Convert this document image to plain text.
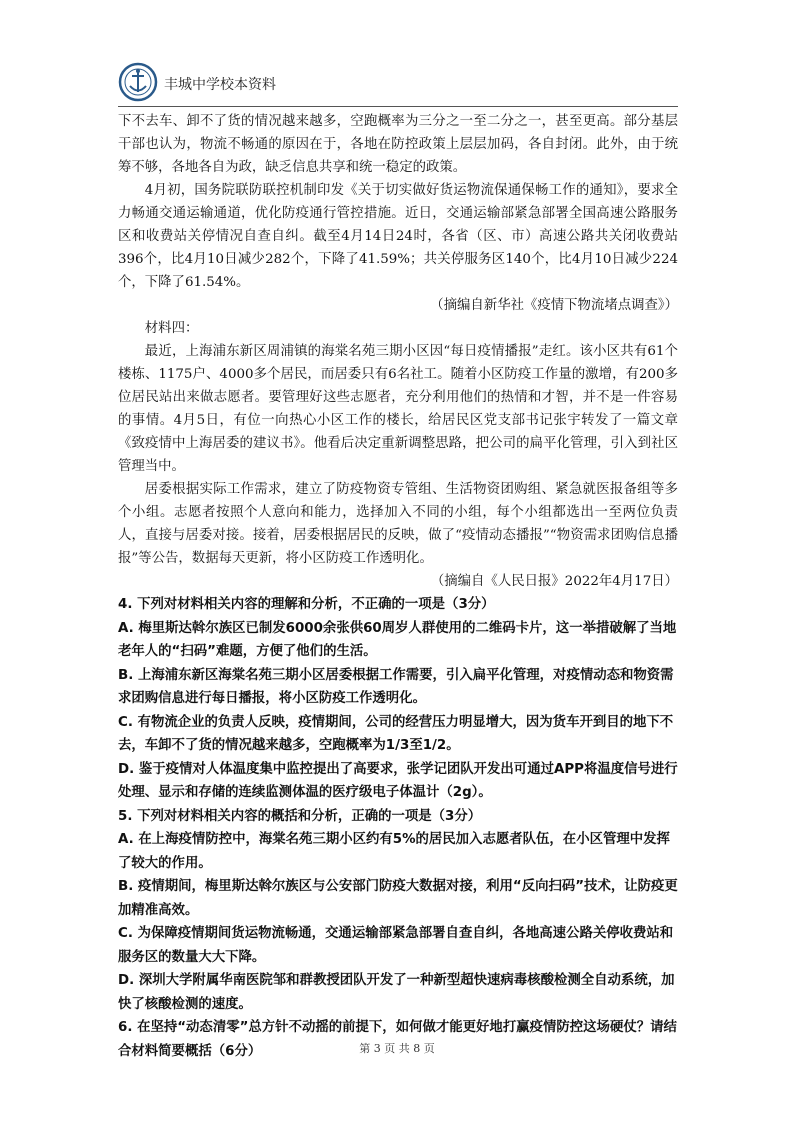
丰城中学校本资料

下不去车、卸不了货的情况越来越多，空跑概率为三分之一至二分之一，甚至更高。部分基层干部也认为，物流不畅通的原因在于，各地在防控政策上层层加码，各自封闭。此外，由于统筹不够，各地各自为政，缺乏信息共享和统一稳定的政策。

4月初，国务院联防联控机制印发《关于切实做好货运物流保通保畅工作的通知》，要求全力畅通交通运输通道，优化防疫通行管控措施。近日，交通运输部紧急部署全国高速公路服务区和收费站关停情况自查自纠。截至4月14日24时，各省（区、市）高速公路共关闭收费站396个，比4月10日减少282个，下降了41.59%；共关停服务区140个，比4月10日减少224个，下降了61.54%。

（摘编自新华社《疫情下物流堵点调查》）

材料四：

最近，上海浦东新区周浦镇的海棠名苑三期小区因“每日疫情播报”走红。该小区共有61个楼栋、1175户、4000多个居民，而居委只有6名社工。随着小区防疫工作量的激增，有200多位居民站出来做志愿者。要管理好这些志愿者，充分利用他们的热情和才智，并不是一件容易的事情。4月5日，有位一向热心小区工作的楼长，给居民区党支部书记张宇转发了一篇文章《致疫情中上海居委的建议书》。他看后决定重新调整思路，把公司的扁平化管理，引入到社区管理当中。

居委根据实际工作需求，建立了防疫物资专管组、生活物资团购组、紧急就医报备组等多个小组。志愿者按照个人意向和能力，选择加入不同的小组，每个小组都选出一至两位负责人，直接与居委对接。接着，居委根据居民的反映，做了“疫情动态播报”“物资需求团购信息播报”等公告，数据每天更新，将小区防疫工作透明化。

（摘编自《人民日报》2022年4月17日）

4. 下列对材料相关内容的理解和分析，不正确的一项是（3分）

A. 梅里斯达斡尔族区已制发6000余张供60周岁人群使用的二维码卡片，这一举措破解了当地老年人的“扫码”难题，方便了他们的生活。

B. 上海浦东新区海棠名苑三期小区居委根据工作需要，引入扁平化管理，对疫情动态和物资需求团购信息进行每日播报，将小区防疫工作透明化。

C. 有物流企业的负责人反映，疫情期间，公司的经营压力明显增大，因为货车开到目的地下不去，车卸不了货的情况越来越多，空跑概率为1/3至1/2。

D. 鉴于疫情对人体温度集中监控提出了高要求，张学记团队开发出可通过APP将温度信号进行处理、显示和存储的连续监测体温的医疗级电子体温计（2g）。

5. 下列对材料相关内容的概括和分析，正确的一项是（3分）

A. 在上海疫情防控中，海棠名苑三期小区约有5%的居民加入志愿者队伍，在小区管理中发挥了较大的作用。

B. 疫情期间，梅里斯达斡尔族区与公安部门防疫大数据对接，利用“反向扫码”技术，让防疫更加精准高效。

C. 为保障疫情期间货运物流畅通，交通运输部紧急部署自查自纠，各地高速公路关停收费站和服务区的数量大大下降。

D. 深圳大学附属华南医院邹和群教授团队开发了一种新型超快速病毒核酸检测全自动系统，加快了核酸检测的速度。

6. 在坚持“动态清零”总方针不动摇的前提下，如何做才能更好地打赢疫情防控这场硬仗？请结合材料简要概括（6分）	第 3 页 共 8 页
